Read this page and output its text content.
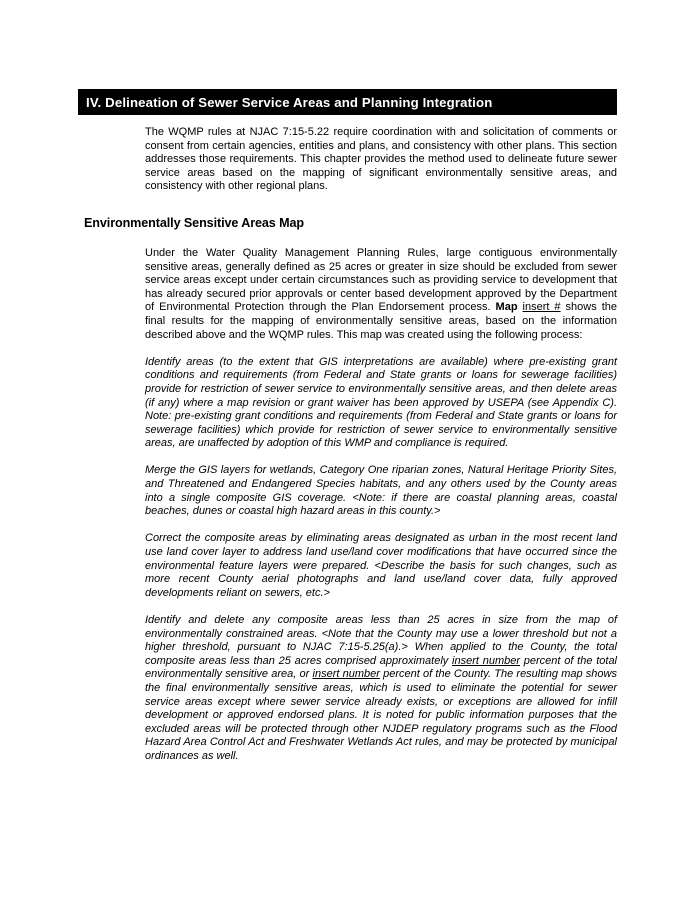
IV. Delineation of Sewer Service Areas and Planning Integration

The WQMP rules at NJAC 7:15-5.22 require coordination with and solicitation of comments or consent from certain agencies, entities and plans, and consistency with other plans. This section addresses those requirements. This chapter provides the method used to delineate future sewer service areas based on the mapping of significant environmentally sensitive areas, and consistency with other regional plans.

Environmentally Sensitive Areas Map

Under the Water Quality Management Planning Rules, large contiguous environmentally sensitive areas, generally defined as 25 acres or greater in size should be excluded from sewer service areas except under certain circumstances such as providing service to development that has already secured prior approvals or center based development approved by the Department of Environmental Protection through the Plan Endorsement process. Map insert # shows the final results for the mapping of environmentally sensitive areas, based on the information described above and the WQMP rules. This map was created using the following process:

Identify areas (to the extent that GIS interpretations are available) where pre-existing grant conditions and requirements (from Federal and State grants or loans for sewerage facilities) provide for restriction of sewer service to environmentally sensitive areas, and then delete areas (if any) where a map revision or grant waiver has been approved by USEPA (see Appendix C). Note: pre-existing grant conditions and requirements (from Federal and State grants or loans for sewerage facilities) which provide for restriction of sewer service to environmentally sensitive areas, are unaffected by adoption of this WMP and compliance is required.

Merge the GIS layers for wetlands, Category One riparian zones, Natural Heritage Priority Sites, and Threatened and Endangered Species habitats, and any others used by the County areas into a single composite GIS coverage. <Note: if there are coastal planning areas, coastal beaches, dunes or coastal high hazard areas in this county.>

Correct the composite areas by eliminating areas designated as urban in the most recent land use land cover layer to address land use/land cover modifications that have occurred since the environmental feature layers were prepared. <Describe the basis for such changes, such as more recent County aerial photographs and land use/land cover data, fully approved developments reliant on sewers, etc.>

Identify and delete any composite areas less than 25 acres in size from the map of environmentally constrained areas. <Note that the County may use a lower threshold but not a higher threshold, pursuant to NJAC 7:15-5.25(a).> When applied to the County, the total composite areas less than 25 acres comprised approximately insert number percent of the total environmentally sensitive area, or insert number percent of the County. The resulting map shows the final environmentally sensitive areas, which is used to eliminate the potential for sewer service areas except where sewer service already exists, or exceptions are allowed for infill development or approved endorsed plans. It is noted for public information purposes that the excluded areas will be protected through other NJDEP regulatory programs such as the Flood Hazard Area Control Act and Freshwater Wetlands Act rules, and may be protected by municipal ordinances as well.
